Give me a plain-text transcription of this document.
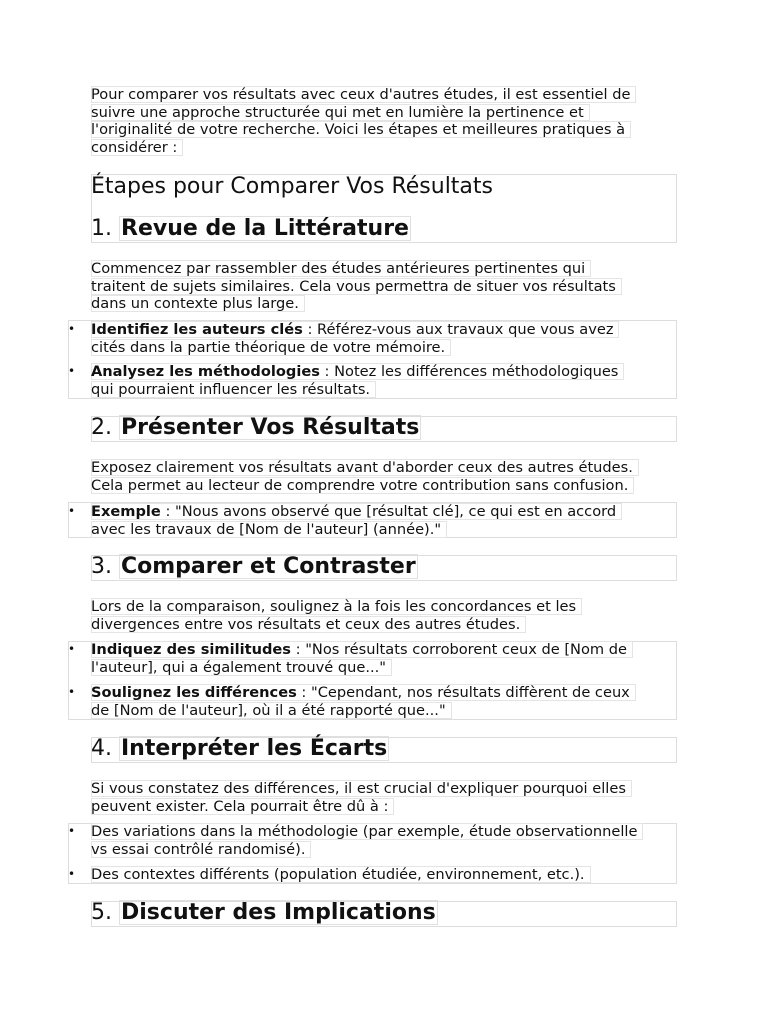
Pour comparer vos résultats avec ceux d'autres études, il est essentiel de
suivre une approche structurée qui met en lumière la pertinence et
l'originalité de votre recherche. Voici les étapes et meilleures pratiques à
considérer :

Étapes pour Comparer Vos Résultats
1. Revue de la Littérature

Commencez par rassembler des études antérieures pertinentes qui
traitent de sujets similaires. Cela vous permettra de situer vos résultats
dans un contexte plus large.

• Identifiez les auteurs clés : Référez-vous aux travaux que vous avez
cités dans la partie théorique de votre mémoire.
• Analysez les méthodologies : Notez les différences méthodologiques
qui pourraient influencer les résultats.
2. Présenter Vos Résultats

Exposez clairement vos résultats avant d'aborder ceux des autres études.
Cela permet au lecteur de comprendre votre contribution sans confusion.

• Exemple : "Nous avons observé que [résultat clé], ce qui est en accord
avec les travaux de [Nom de l'auteur] (année)."
3. Comparer et Contraster

Lors de la comparaison, soulignez à la fois les concordances et les
divergences entre vos résultats et ceux des autres études.

• Indiquez des similitudes : "Nos résultats corroborent ceux de [Nom de
l'auteur], qui a également trouvé que..."
• Soulignez les différences : "Cependant, nos résultats diffèrent de ceux
de [Nom de l'auteur], où il a été rapporté que..."
4. Interpréter les Écarts

Si vous constatez des différences, il est crucial d'expliquer pourquoi elles
peuvent exister. Cela pourrait être dû à :

• Des variations dans la méthodologie (par exemple, étude observationnelle
vs essai contrôlé randomisé).
• Des contextes différents (population étudiée, environnement, etc.).
5. Discuter des Implications
